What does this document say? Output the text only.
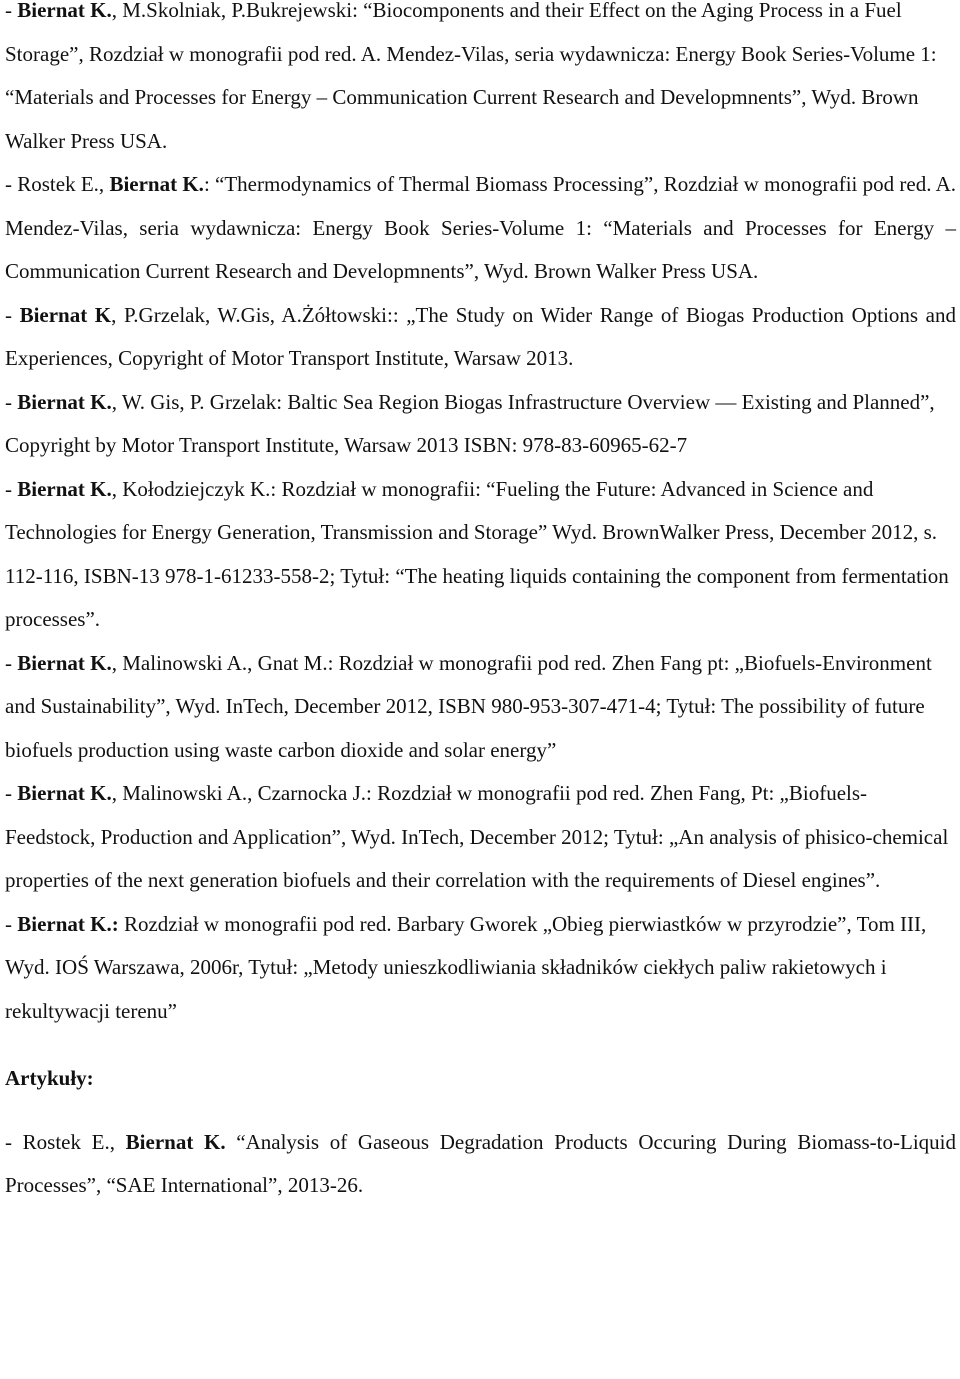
- Biernat K., M.Skolniak, P.Bukrejewski: “Biocomponents and their Effect on the Aging Process in a Fuel Storage”, Rozdział w monografii pod red. A. Mendez-Vilas, seria wydawnicza: Energy Book Series-Volume 1: “Materials and Processes for Energy – Communication Current Research and Developmnents”, Wyd. Brown Walker Press USA.

- Rostek E., Biernat K.: “Thermodynamics of Thermal Biomass Processing”, Rozdział w monografii pod red. A. Mendez-Vilas, seria wydawnicza: Energy Book Series-Volume 1: “Materials and Processes for Energy – Communication Current Research and Developmnents”, Wyd. Brown Walker Press USA.

- Biernat K, P.Grzelak, W.Gis, A.Żółtowski:: „The Study on Wider Range of Biogas Production Options and Experiences, Copyright of Motor Transport Institute, Warsaw 2013.

- Biernat K., W. Gis, P. Grzelak: Baltic Sea Region Biogas Infrastructure Overview ― Existing and Planned”, Copyright by Motor Transport Institute, Warsaw 2013 ISBN: 978-83-60965-62-7

- Biernat K., Kołodziejczyk K.: Rozdział w monografii: “Fueling the Future: Advanced in Science and Technologies for Energy Generation, Transmission and Storage” Wyd. BrownWalker Press, December 2012, s. 112-116, ISBN-13 978-1-61233-558-2; Tytuł: “The heating liquids containing the component from fermentation processes”.

- Biernat K., Malinowski A., Gnat M.: Rozdział w monografii pod red. Zhen Fang pt: „Biofuels-Environment and Sustainability”, Wyd. InTech, December 2012, ISBN 980-953-307-471-4; Tytuł: The possibility of future biofuels production using waste carbon dioxide and solar energy”

- Biernat K., Malinowski A., Czarnocka J.: Rozdział w monografii pod red. Zhen Fang, Pt: „Biofuels-Feedstock, Production and Application”, Wyd. InTech, December 2012; Tytuł: „An analysis of phisico-chemical properties of the next generation biofuels and their correlation with the requirements of Diesel engines”.

- Biernat K.: Rozdział w monografii pod red. Barbary Gworek „Obieg pierwiastków w przyrodzie”, Tom III, Wyd. IOŚ Warszawa, 2006r, Tytuł: „Metody unieszkodliwiania składników ciekłych paliw rakietowych i rekultywacji terenu”

Artykuły:

- Rostek E., Biernat K. “Analysis of Gaseous Degradation Products Occuring During Biomass-to-Liquid Processes”, “SAE International”, 2013-26.
